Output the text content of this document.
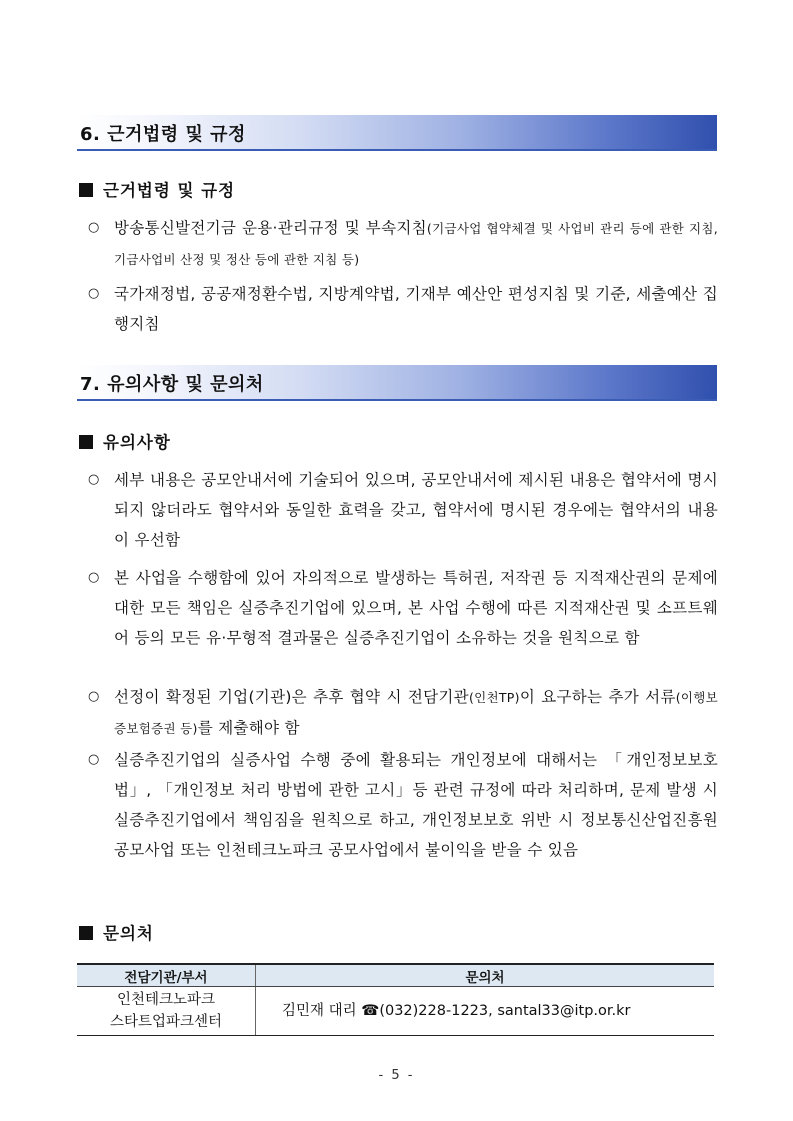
6. 근거법령 및 규정
근거법령 및 규정
○ 방송통신발전기금 운용‧관리규정 및 부속지침(기금사업 협약체결 및 사업비 관리 등에 관한 지침, 기금사업비 산정 및 정산 등에 관한 지침 등)
○ 국가재정법, 공공재정환수법, 지방계약법, 기재부 예산안 편성지침 및 기준, 세출예산 집행지침
7. 유의사항 및 문의처
유의사항
○ 세부 내용은 공모안내서에 기술되어 있으며, 공모안내서에 제시된 내용은 협약서에 명시되지 않더라도 협약서와 동일한 효력을 갖고, 협약서에 명시된 경우에는 협약서의 내용이 우선함
○ 본 사업을 수행함에 있어 자의적으로 발생하는 특허권, 저작권 등 지적재산권의 문제에 대한 모든 책임은 실증추진기업에 있으며, 본 사업 수행에 따른 지적재산권 및 소프트웨어 등의 모든 유·무형적 결과물은 실증추진기업이 소유하는 것을 원칙으로 함
○ 선정이 확정된 기업(기관)은 추후 협약 시 전담기관(인천TP)이 요구하는 추가 서류(이행보증보험증권 등)를 제출해야 함
○ 실증추진기업의 실증사업 수행 중에 활용되는 개인정보에 대해서는 「개인정보보호법」, 「개인정보 처리 방법에 관한 고시」등 관련 규정에 따라 처리하며, 문제 발생 시 실증추진기업에서 책임짐을 원칙으로 하고, 개인정보보호 위반 시 정보통신산업진흥원 공모사업 또는 인천테크노파크 공모사업에서 불이익을 받을 수 있음
문의처
전담기관/부서	문의처

인천테크노파크
스타트업파크센터	김민재 대리 ☎(032)228-1223, santal33@itp.or.kr
- 5 -
